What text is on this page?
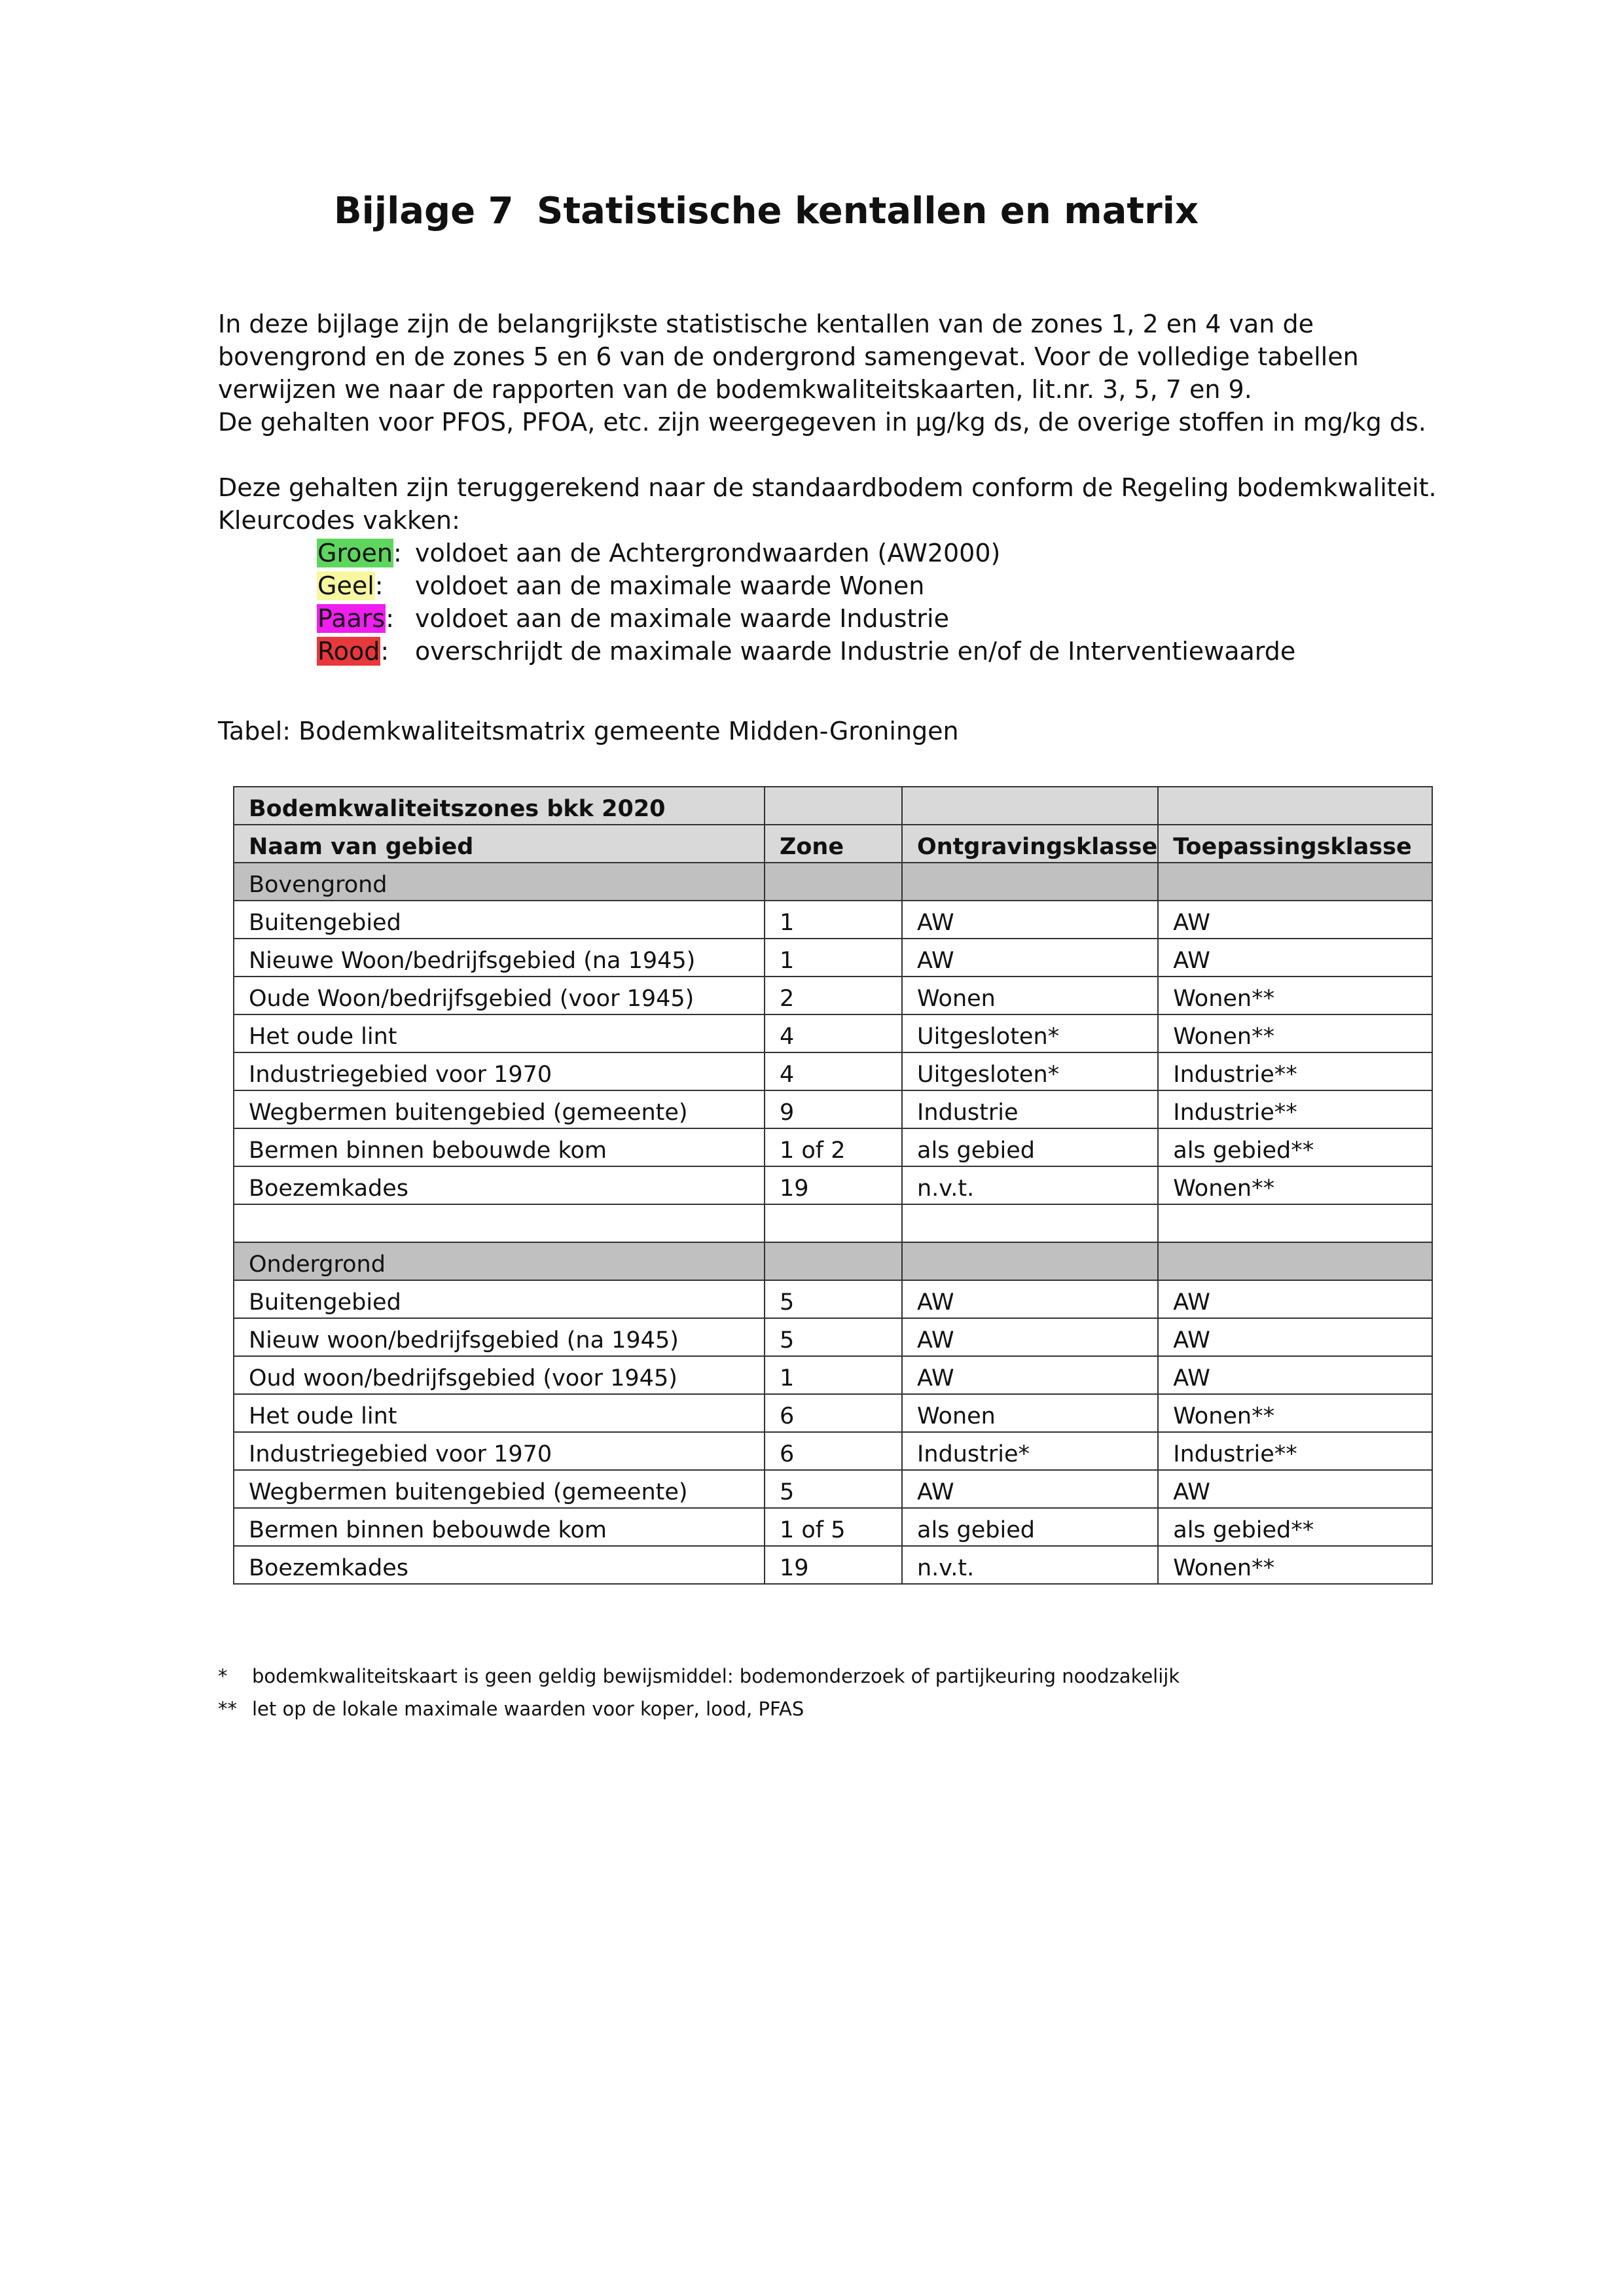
Bijlage 7 Statistische kentallen en matrix

In deze bijlage zijn de belangrijkste statistische kentallen van de zones 1, 2 en 4 van de

bovengrond en de zones 5 en 6 van de ondergrond samengevat. Voor de volledige tabellen

verwijzen we naar de rapporten van de bodemkwaliteitskaarten, lit.nr. 3, 5, 7 en 9.

De gehalten voor PFOS, PFOA, etc. zijn weergegeven in µg/kg ds, de overige stoffen in mg/kg ds.

Deze gehalten zijn teruggerekend naar de standaardbodem conform de Regeling bodemkwaliteit.

Kleurcodes vakken:

Groen: voldoet aan de Achtergrondwaarden (AW2000)
Geel:	voldoet aan de maximale waarde Wonen
Paars: voldoet aan de maximale waarde Industrie
Rood:	overschrijdt de maximale waarde Industrie en/of de Interventiewaarde
Tabel: Bodemkwaliteitsmatrix gemeente Midden-Groningen
Bodemkwaliteitszones bkk 2020			
Naam van gebied	Zone	Ontgravingsklasse	Toepassingsklasse
Bovengrond			
Buitengebied	1	AW	AW
Nieuwe Woon/bedrijfsgebied (na 1945)	1	AW	AW
Oude Woon/bedrijfsgebied (voor 1945)	2	Wonen	Wonen**
Het oude lint	4	Uitgesloten*	Wonen**
Industriegebied voor 1970	4	Uitgesloten*	Industrie**
Wegbermen buitengebied (gemeente)	9	Industrie	Industrie**
Bermen binnen bebouwde kom	1 of 2	als gebied	als gebied**
Boezemkades	19	n.v.t.	Wonen**

Ondergrond			
Buitengebied	5	AW	AW
Nieuw woon/bedrijfsgebied (na 1945)	5	AW	AW
Oud woon/bedrijfsgebied (voor 1945)	1	AW	AW
Het oude lint	6	Wonen	Wonen**
Industriegebied voor 1970	6	Industrie*	Industrie**
Wegbermen buitengebied (gemeente)	5	AW	AW
Bermen binnen bebouwde kom	1 of 5	als gebied	als gebied**
Boezemkades	19	n.v.t.	Wonen**
*	bodemkwaliteitskaart is geen geldig bewijsmiddel: bodemonderzoek of partijkeuring noodzakelijk
** let op de lokale maximale waarden voor koper, lood, PFAS
